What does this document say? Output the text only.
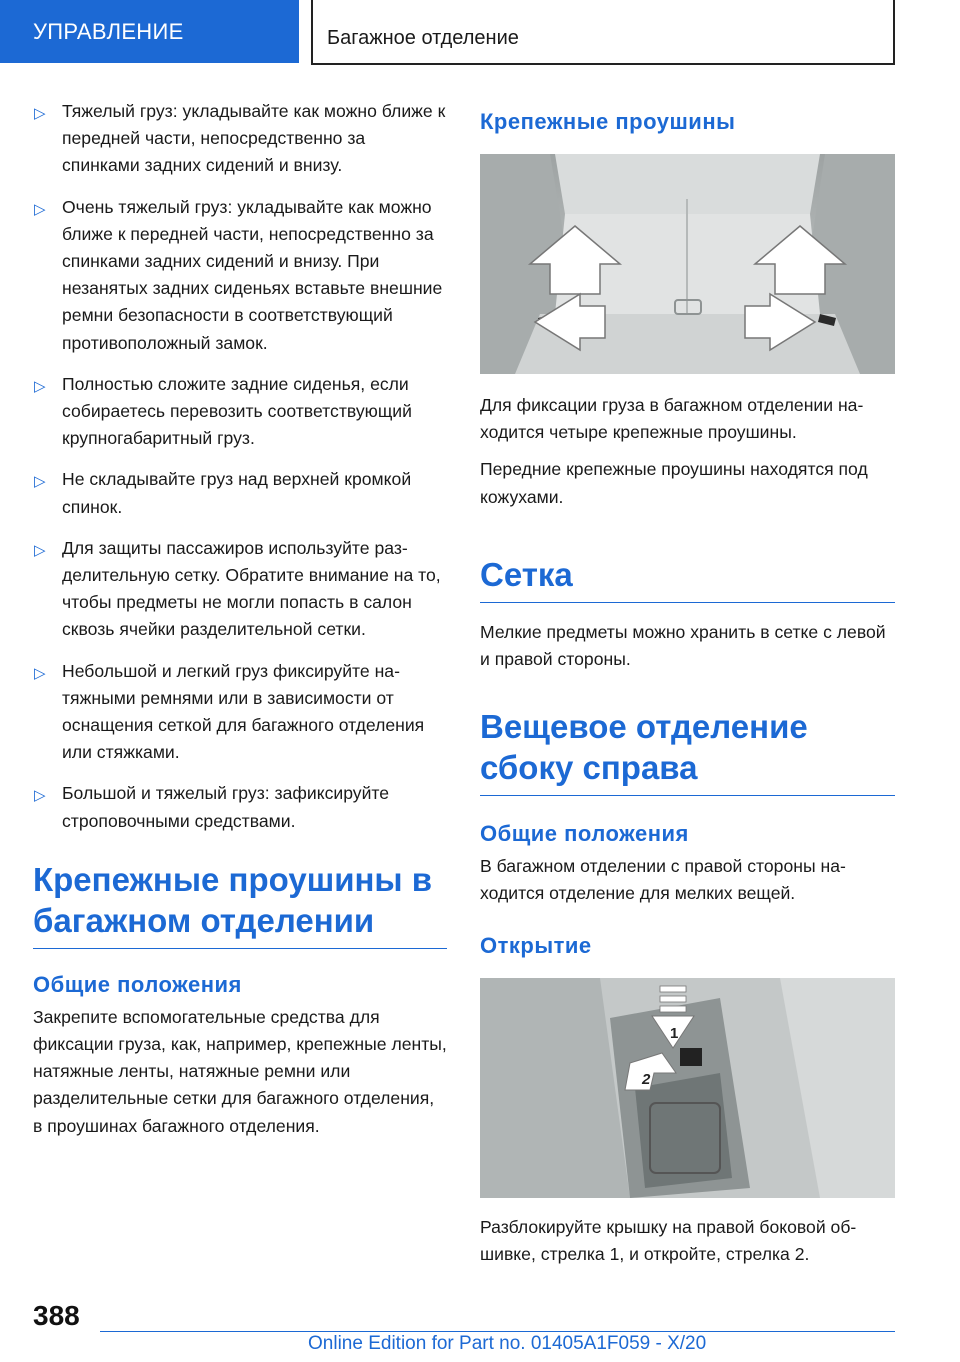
УПРАВЛЕНИЕ	Багажное отделение
▷ Тяжелый груз: укладывайте как можно ближе к передней части, непосредственно за спинками задних сидений и внизу.
▷ Очень тяжелый груз: укладывайте как можно ближе к передней части, непосредственно за спинками задних сидений и внизу. При незанятых задних сиденьях вставьте внешние ремни безопасности в соответствующий противоположный замок.
▷ Полностью сложите задние сиденья, если собираетесь перевозить соответствующий крупногабаритный груз.
▷ Не складывайте груз над верхней кромкой спинок.
▷ Для защиты пассажиров используйте разделительную сетку. Обратите внимание на то, чтобы предметы не могли попасть в салон сквозь ячейки разделительной сетки.
▷ Небольшой и легкий груз фиксируйте натяжными ремнями или в зависимости от оснащения сеткой для багажного отделения или стяжками.
▷ Большой и тяжелый груз: зафиксируйте строповочными средствами.
Крепежные проушины в багажном отделении
Общие положения

Закрепите вспомогательные средства для фиксации груза, как, например, крепежные ленты, натяжные ленты, натяжные ремни или разделительные сетки для багажного отделения, в проушинах багажного отделения.

Крепежные проушины

Для фиксации груза в багажном отделении находится четыре крепежные проушины.

Передние крепежные проушины находятся под кожухами.

Сетка

Мелкие предметы можно хранить в сетке с левой и правой стороны.

Вещевое отделение сбоку справа
Общие положения

В багажном отделении с правой стороны находится отделение для мелких вещей.

Открытие
1
2

Разблокируйте крышку на правой боковой обшивке, стрелка 1, и откройте, стрелка 2.

388
Online Edition for Part no. 01405A1F059 - X/20
